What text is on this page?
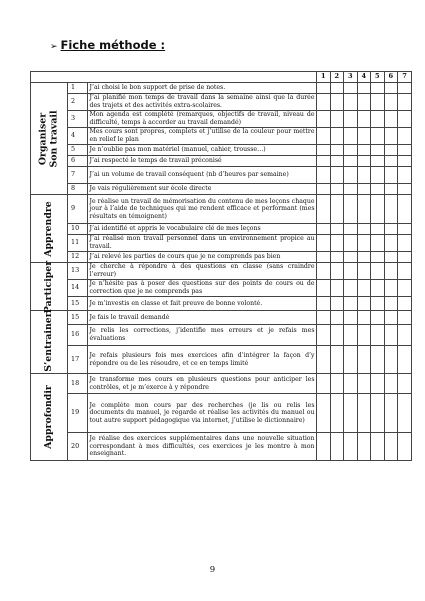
➢ Fiche méthode :
			1	2	3	4	5	6	7

Organiser Son travail	1	J’ai choisi le bon support de prise de notes.							
	2	J’ai planifié mon temps de travail dans la semaine ainsi que la durée des trajets et des activités extra-scolaires.							
	3	Mon agenda est complété (remarques, objectifs de travail, niveau de difficulté, temps à accorder au travail demandé)							
	4	Mes cours sont propres, complets et j’utilise de la couleur pour mettre en relief le plan							
	5	Je n’oublie pas mon matériel (manuel, cahier, trousse…)							
	6	J’ai respecté le temps de travail préconisé							
	7	J’ai un volume de travail conséquent (nb d’heures par semaine)							
	8	Je vais régulièrement sur école directe							

Apprendre	9	Je réalise un travail de mémorisation du contenu de mes leçons chaque jour à l’aide de techniques qui me rendent efficace et performant (mes résultats en témoignent)							
	10	J’ai identifié et appris le vocabulaire clé de mes leçons							
	11	J’ai réalisé mon travail personnel dans un environnement propice au travail.							
	12	J’ai relevé les parties de cours que je ne comprends pas bien							

Participer	13	Je cherche à répondre à des questions en classe (sans craindre l’erreur)							
	14	Je n’hésite pas à poser des questions sur des points de cours ou de correction que je ne comprends pas							
	15	Je m’investis en classe et fait preuve de bonne volonté.							

S’entrainer	15	Je fais le travail demandé							
	16	Je relis les corrections, j’identifie mes erreurs et je refais mes évaluations							
	17	Je refais plusieurs fois mes exercices afin d’intégrer la façon d’y répondre ou de les résoudre, et ce en temps limité							

Approfondir	18	Je transforme mes cours en plusieurs questions pour anticiper les contrôles, et je m’exerce à y répondre							
	19	Je complète mon cours par des recherches (je lis ou relis les documents du manuel, je regarde et réalise les activités du manuel ou tout autre support pédagogique via internet, j’utilise le dictionnaire)							
	20	Je réalise des exercices supplémentaires dans une nouvelle situation correspondant à mes difficultés, ces exercices je les montre à mon enseignant.							
9
